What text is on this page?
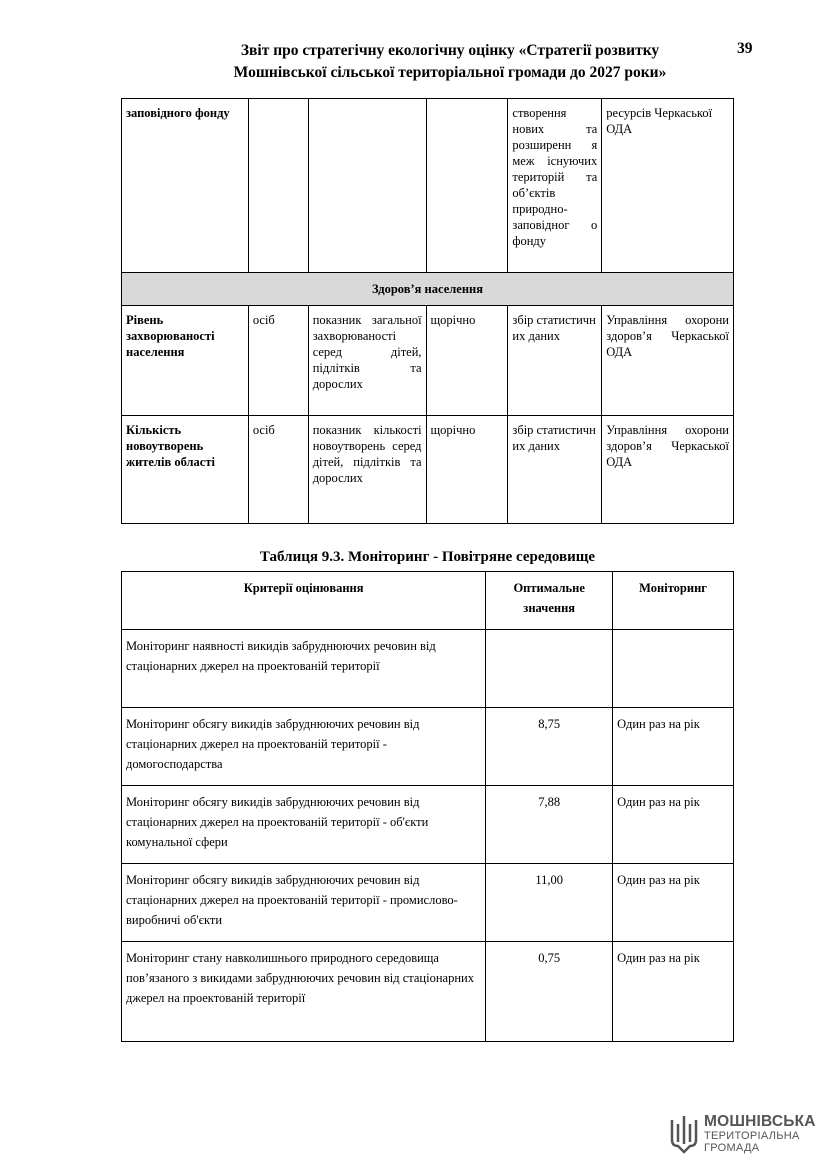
Звіт про стратегічну екологічну оцінку «Стратегії розвитку
Мошнівської сільської територіальної громади до 2027 роки»
39
заповідного фонду				створення нових та розширенн я меж існуючих територій та об’єктів природно-заповідног о фонду	ресурсів Черкаської ОДА
Здоров’я населення					
Рівень захворюваності населення	осіб	показник загальної захворюваності серед дітей, підлітків та дорослих	щорічно	збір статистичн их даних	Управління охорони здоров’я Черкаської ОДА
Кількість новоутворень жителів області	осіб	показник кількості новоутворень серед дітей, підлітків та дорослих	щорічно	збір статистичн их даних	Управління охорони здоров’я Черкаської ОДА
Таблиця 9.3. Моніторинг - Повітряне середовище
Критерії оцінювання	Оптимальне значення	Моніторинг
Моніторинг наявності викидів забруднюючих речовин від стаціонарних джерел на проектованій території		
Моніторинг обсягу викидів забруднюючих речовин від стаціонарних джерел на проектованій території - домогосподарства	8,75	Один раз на рік
Моніторинг обсягу викидів забруднюючих речовин від стаціонарних джерел на проектованій території - об'єкти комунальної сфери	7,88	Один раз на рік
Моніторинг обсягу викидів забруднюючих речовин від стаціонарних джерел на проектованій території - промислово-виробничі об'єкти	11,00	Один раз на рік
Моніторинг стану навколишнього природного середовища пов’язаного з викидами забруднюючих речовин від стаціонарних джерел на проектованій території	0,75	Один раз на рік
МОШНІВСЬКА
ТЕРИТОРІАЛЬНА
ГРОМАДА
